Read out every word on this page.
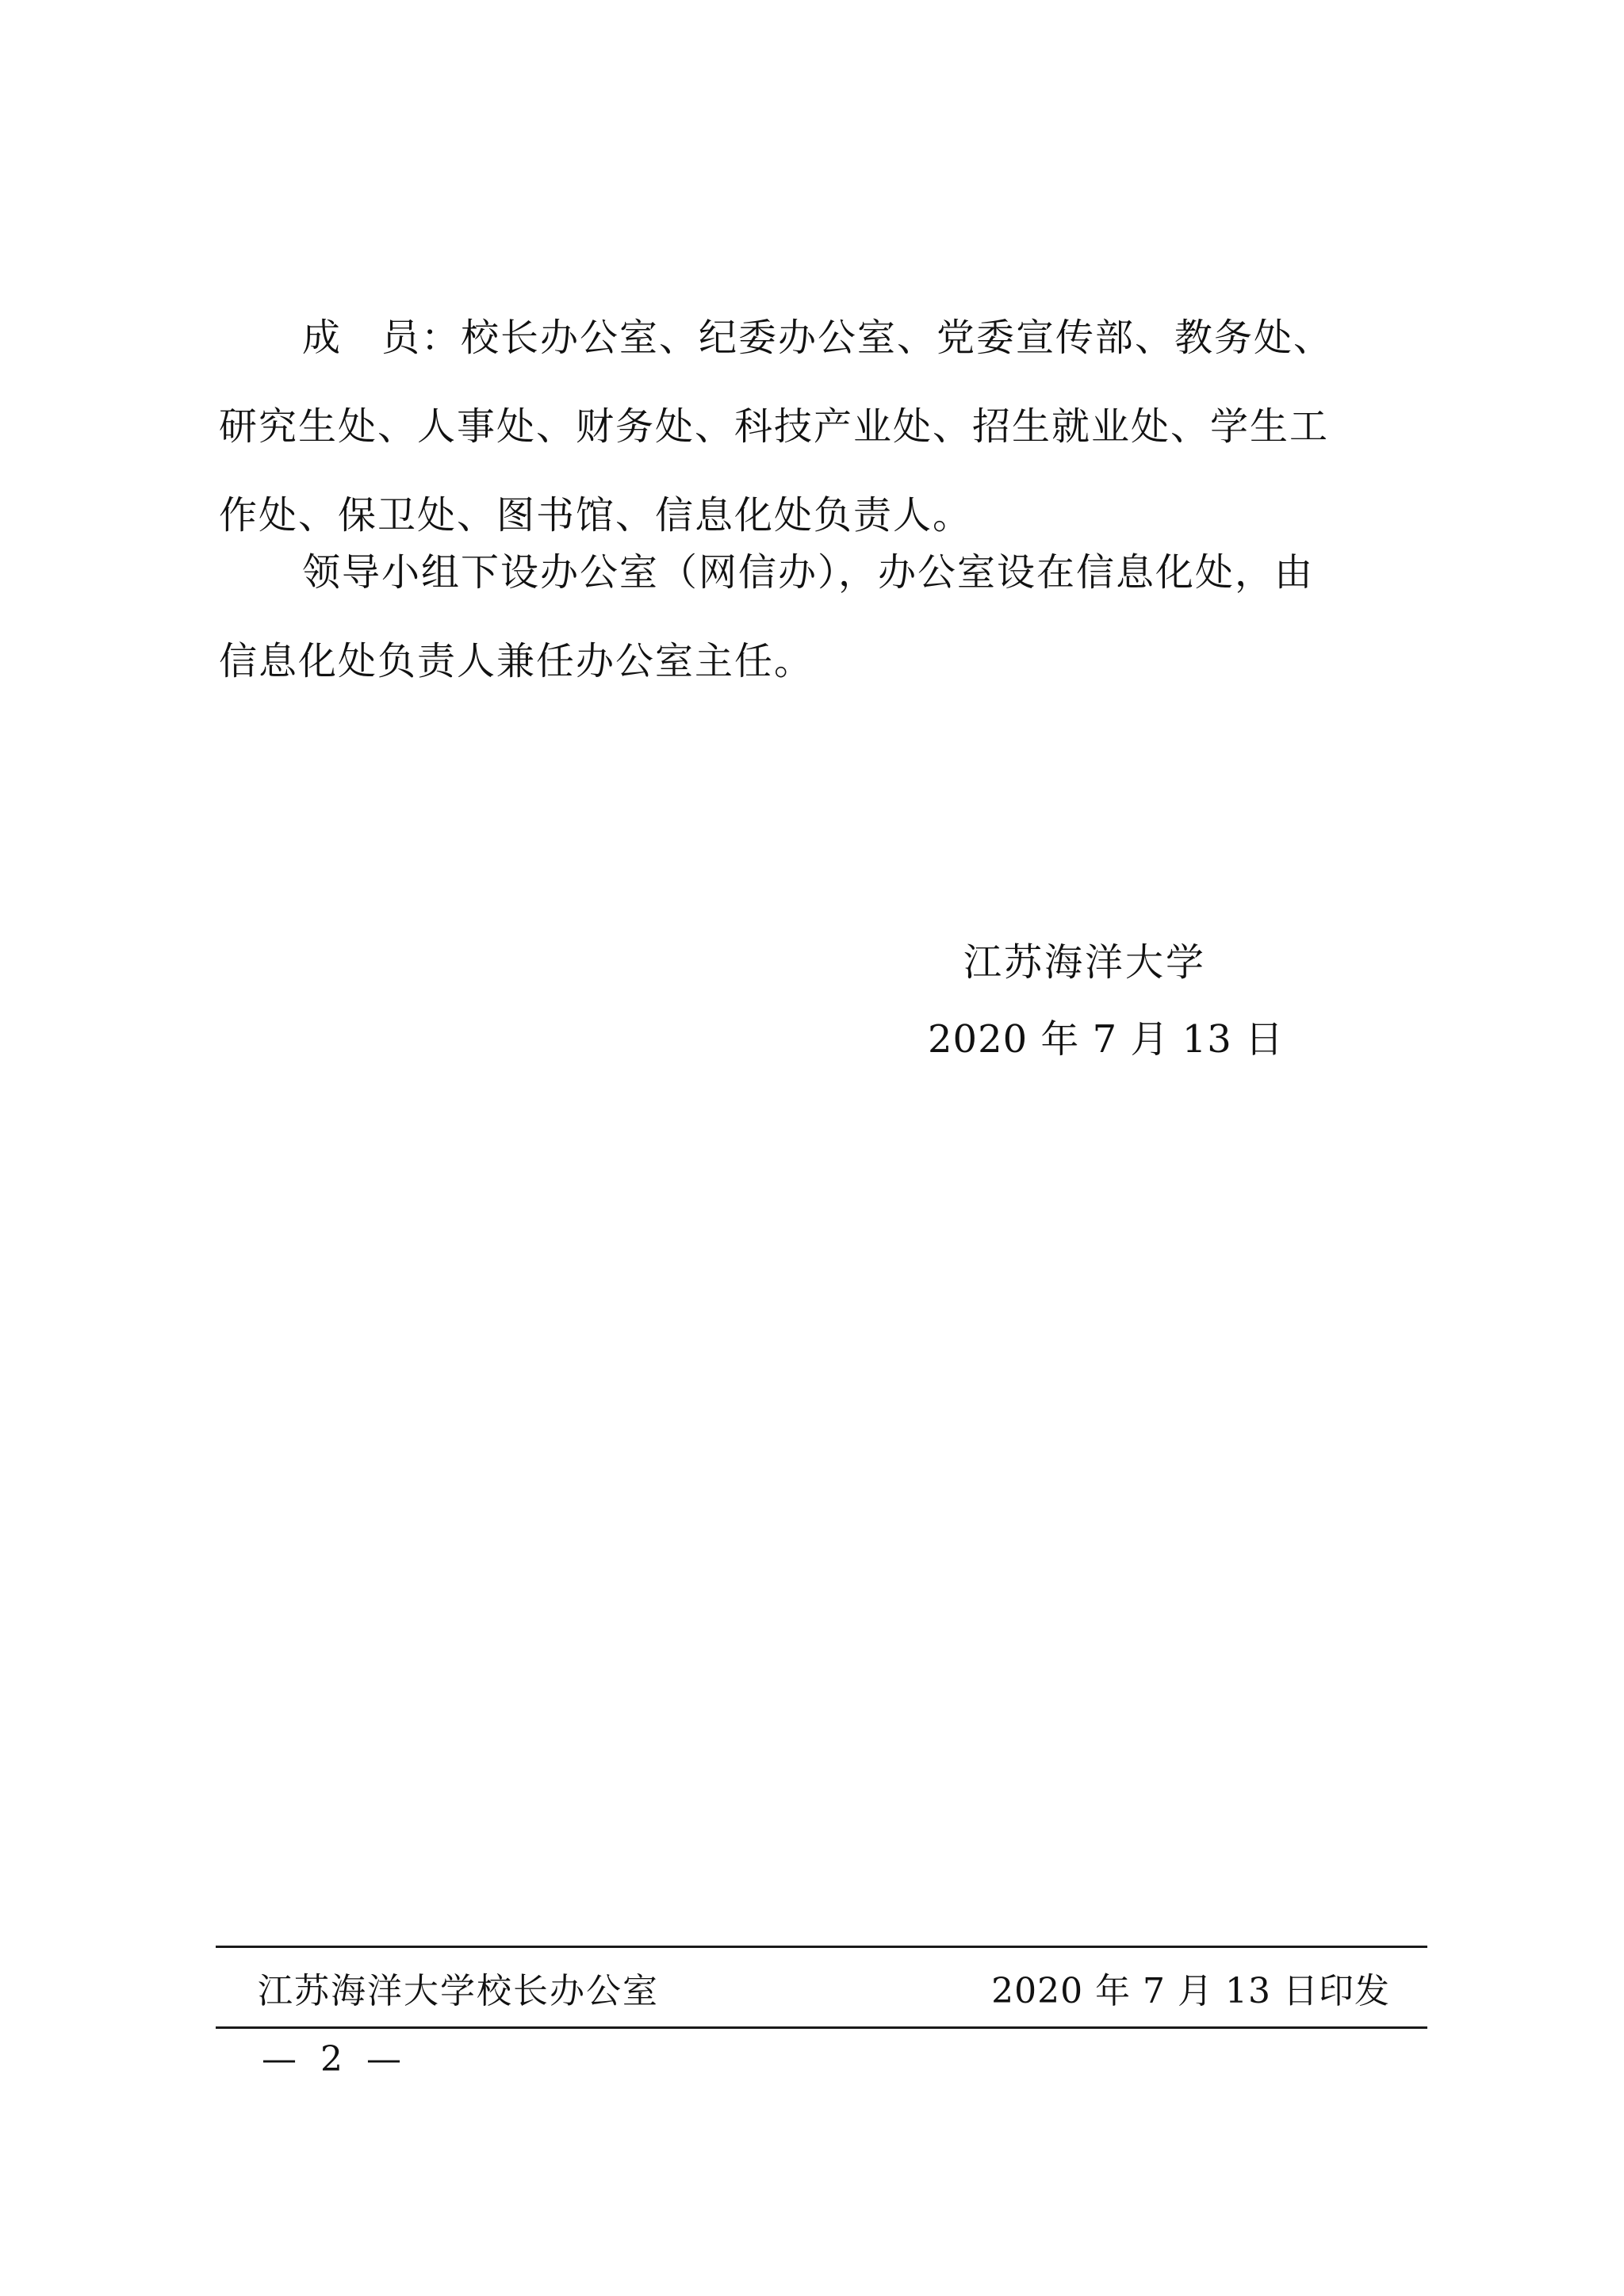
成　员：校长办公室、纪委办公室、党委宣传部、教务处、
研究生处、人事处、财务处、科技产业处、招生就业处、学生工
作处、保卫处、图书馆、信息化处负责人。
领导小组下设办公室（网信办），办公室设在信息化处，由
信息化处负责人兼任办公室主任。
江苏海洋大学
2020 年 7 月 13 日
江苏海洋大学校长办公室	2020 年 7 月 13 日印发
— 2 —
